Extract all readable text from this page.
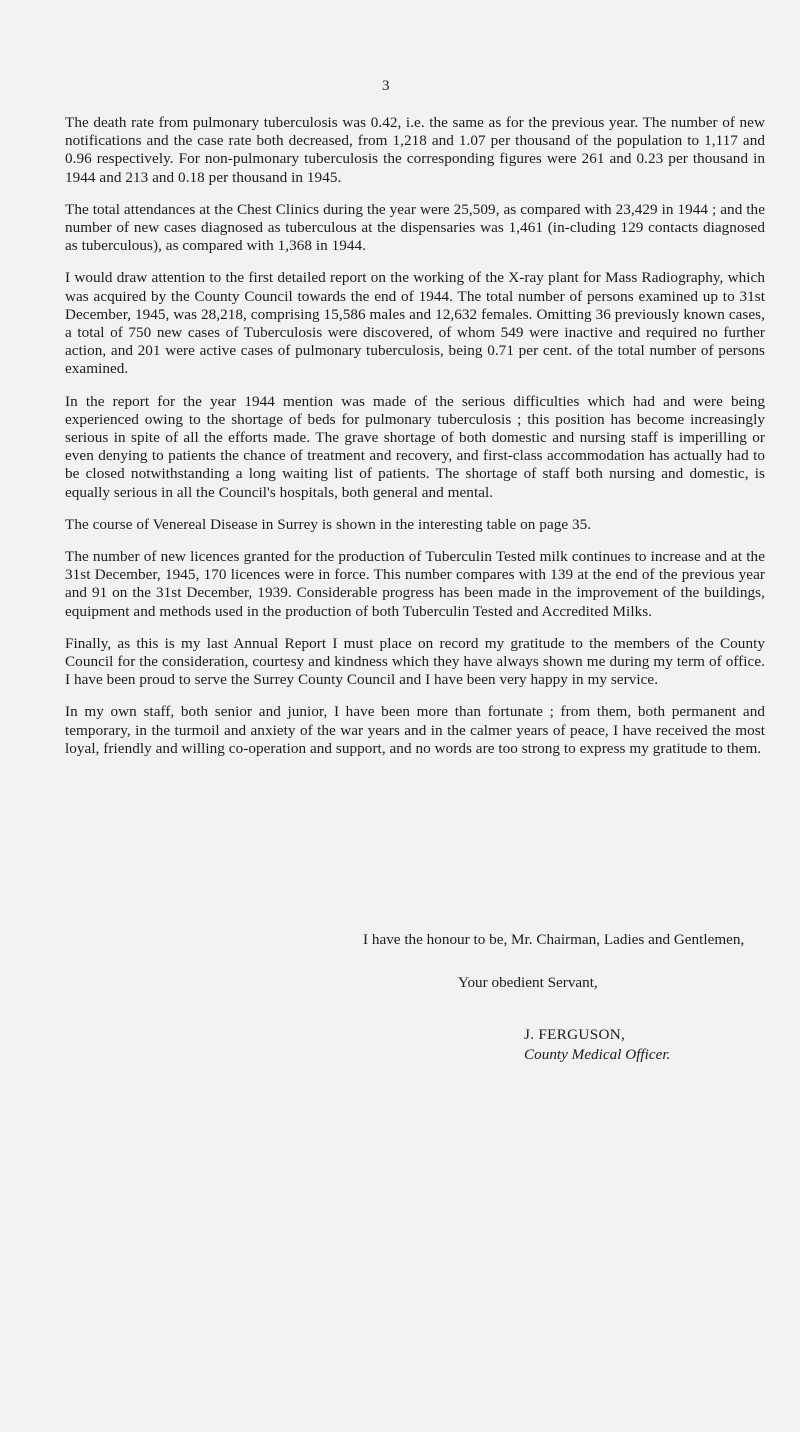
3

The death rate from pulmonary tuberculosis was 0.42, i.e. the same as for the previous year. The number of new notifications and the case rate both decreased, from 1,218 and 1.07 per thousand of the population to 1,117 and 0.96 respectively. For non-pulmonary tuberculosis the corresponding figures were 261 and 0.23 per thousand in 1944 and 213 and 0.18 per thousand in 1945.

The total attendances at the Chest Clinics during the year were 25,509, as compared with 23,429 in 1944 ; and the number of new cases diagnosed as tuberculous at the dispensaries was 1,461 (in-cluding 129 contacts diagnosed as tuberculous), as compared with 1,368 in 1944.

I would draw attention to the first detailed report on the working of the X-ray plant for Mass Radiography, which was acquired by the County Council towards the end of 1944. The total number of persons examined up to 31st December, 1945, was 28,218, comprising 15,586 males and 12,632 females. Omitting 36 previously known cases, a total of 750 new cases of Tuberculosis were discovered, of whom 549 were inactive and required no further action, and 201 were active cases of pulmonary tuberculosis, being 0.71 per cent. of the total number of persons examined.

In the report for the year 1944 mention was made of the serious difficulties which had and were being experienced owing to the shortage of beds for pulmonary tuberculosis ; this position has become increasingly serious in spite of all the efforts made. The grave shortage of both domestic and nursing staff is imperilling or even denying to patients the chance of treatment and recovery, and first-class accommodation has actually had to be closed notwithstanding a long waiting list of patients. The shortage of staff both nursing and domestic, is equally serious in all the Council's hospitals, both general and mental.

The course of Venereal Disease in Surrey is shown in the interesting table on page 35.

The number of new licences granted for the production of Tuberculin Tested milk continues to increase and at the 31st December, 1945, 170 licences were in force. This number compares with 139 at the end of the previous year and 91 on the 31st December, 1939. Considerable progress has been made in the improvement of the buildings, equipment and methods used in the production of both Tuberculin Tested and Accredited Milks.

Finally, as this is my last Annual Report I must place on record my gratitude to the members of the County Council for the consideration, courtesy and kindness which they have always shown me during my term of office. I have been proud to serve the Surrey County Council and I have been very happy in my service.

In my own staff, both senior and junior, I have been more than fortunate ; from them, both permanent and temporary, in the turmoil and anxiety of the war years and in the calmer years of peace, I have received the most loyal, friendly and willing co-operation and support, and no words are too strong to express my gratitude to them.

I have the honour to be, Mr. Chairman, Ladies and Gentlemen,
Your obedient Servant,
J. FERGUSON,
County Medical Officer.
